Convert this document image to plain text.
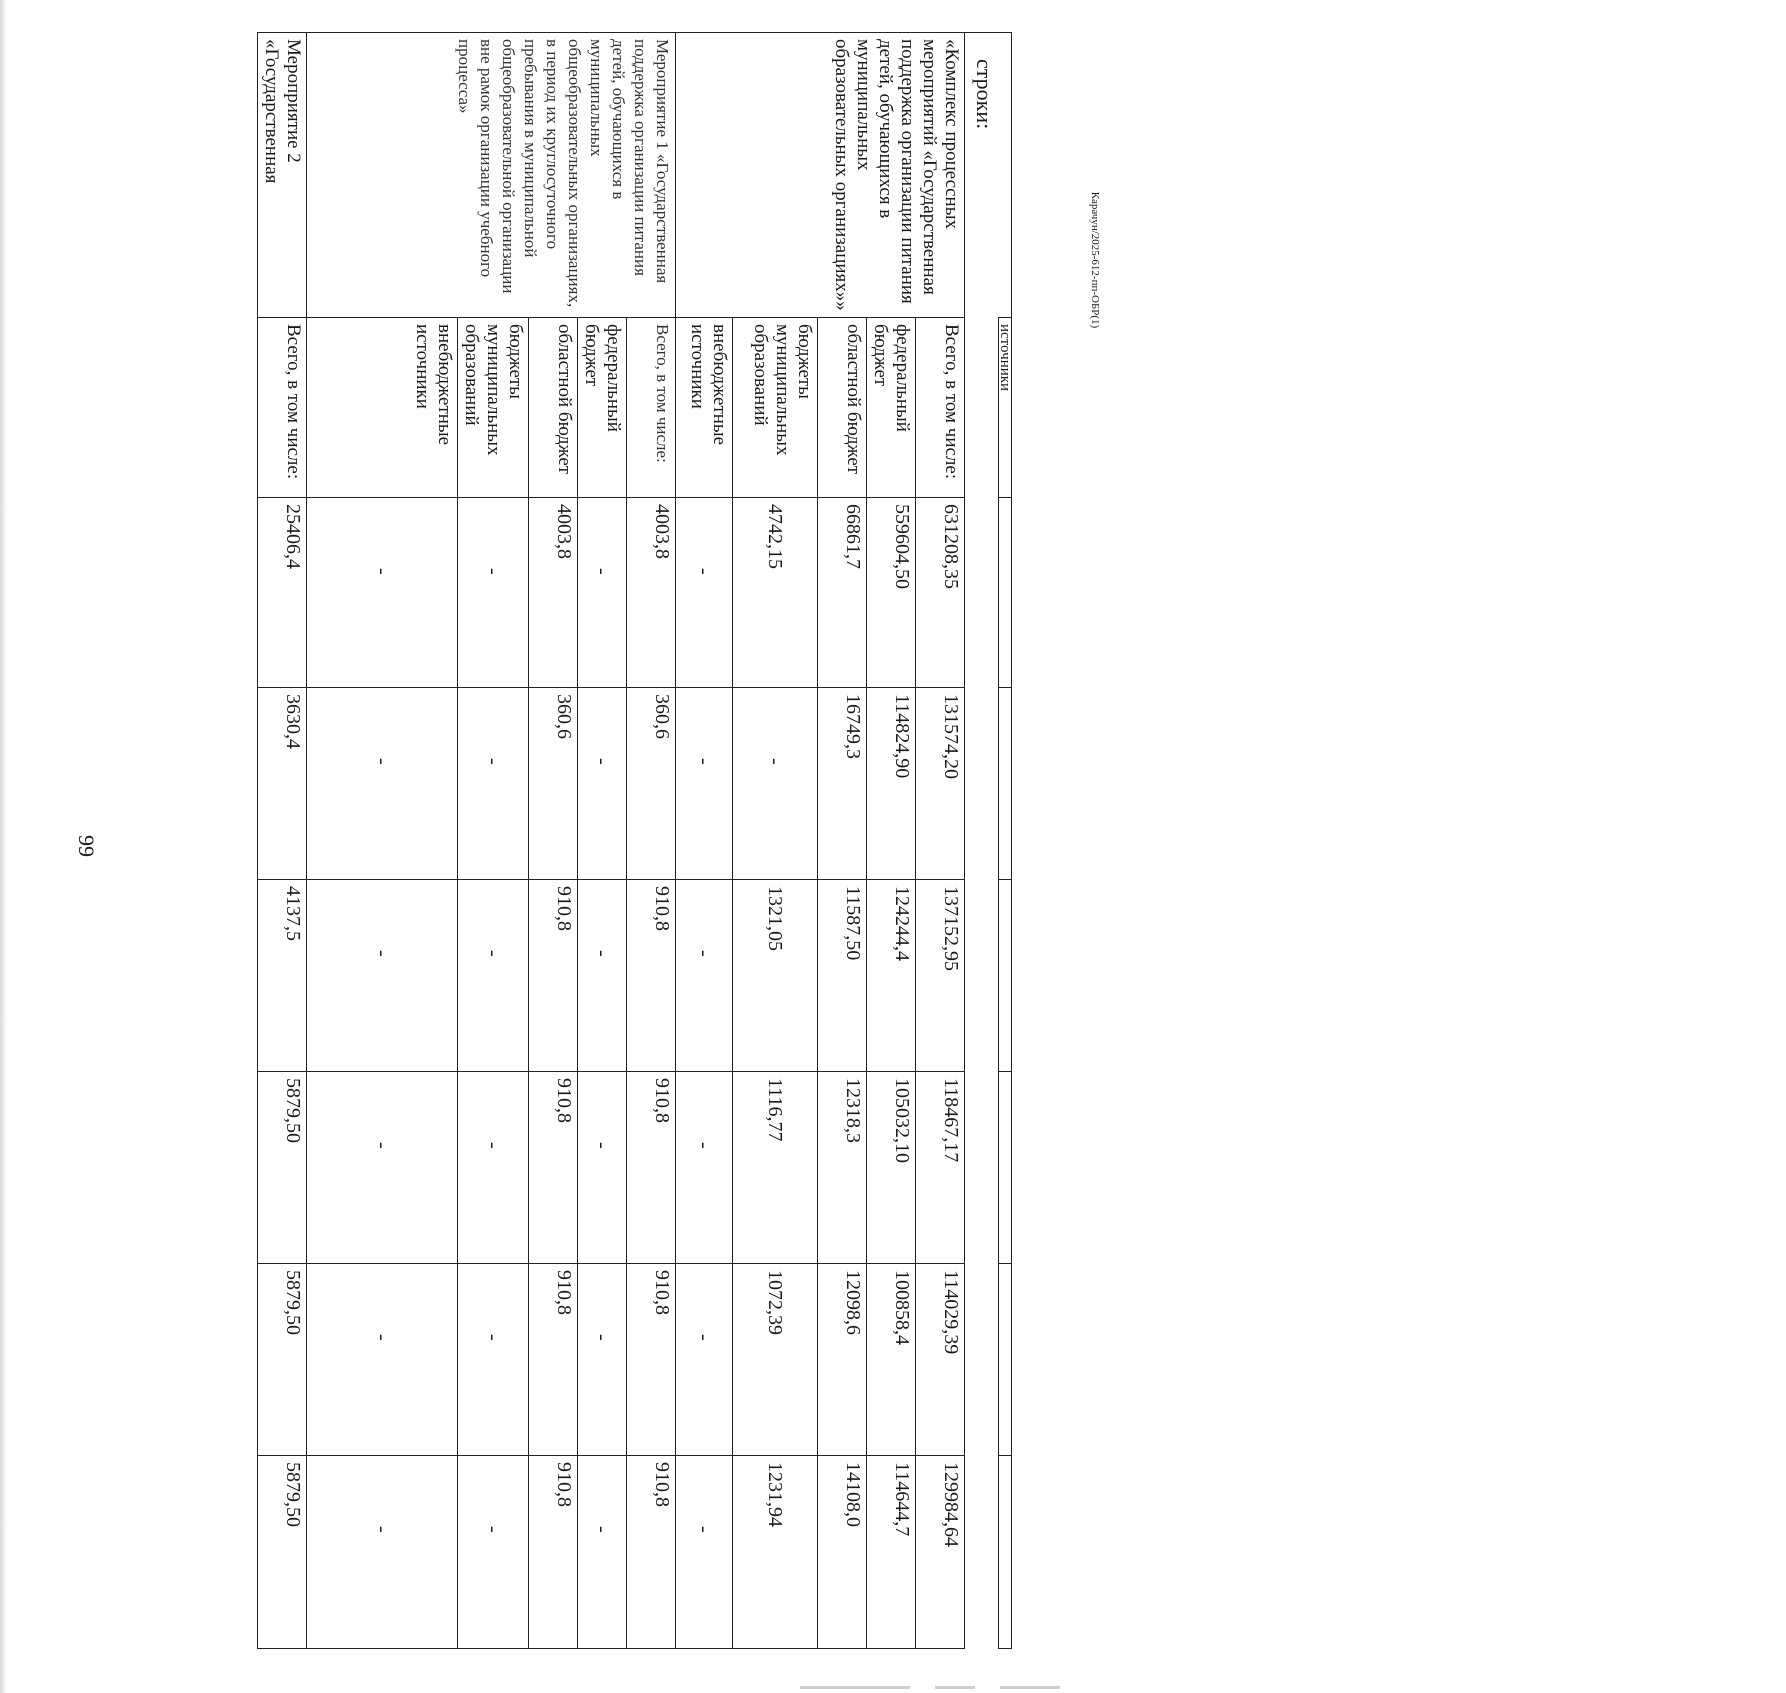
99
Карачун/2025-612-пп-ОБР(1)
	источники						
строки:							
«Комплекс процессных мероприятий «Государственная поддержка организации питания детей, обучающихся в муниципальных образовательных организациях»»	Всего, в том числе:	631208,35	131574,20	137152,95	118467,17	114029,39	129984,64
	федеральный бюджет	559604,50	114824,90	124244,4	105032,10	100858,4	114644,7
	областной бюджет	66861,7	16749,3	11587,50	12318,3	12098,6	14108,0
	бюджеты муниципальных образований	4742,15	-	1321,05	1116,77	1072,39	1231,94
	внебюджетные источники	-	-	-	-	-	-
Мероприятие 1 «Государственная поддержка организации питания детей, обучающихся в муниципальных общеобразовательных организациях, в период их круглосуточного пребывания в муниципальной общеобразовательной организации вне рамок организации учебного процесса»	Всего, в том числе:	4003,8	360,6	910,8	910,8	910,8	910,8
	федеральный бюджет	-	-	-	-	-	-
	областной бюджет	4003,8	360,6	910,8	910,8	910,8	910,8
	бюджеты муниципальных образований	-	-	-	-	-	-
	внебюджетные источники	-	-	-	-	-	-
Мероприятие 2 «Государственная	Всего, в том числе:	25406,4	3630,4	4137,5	5879,50	5879,50	5879,50
